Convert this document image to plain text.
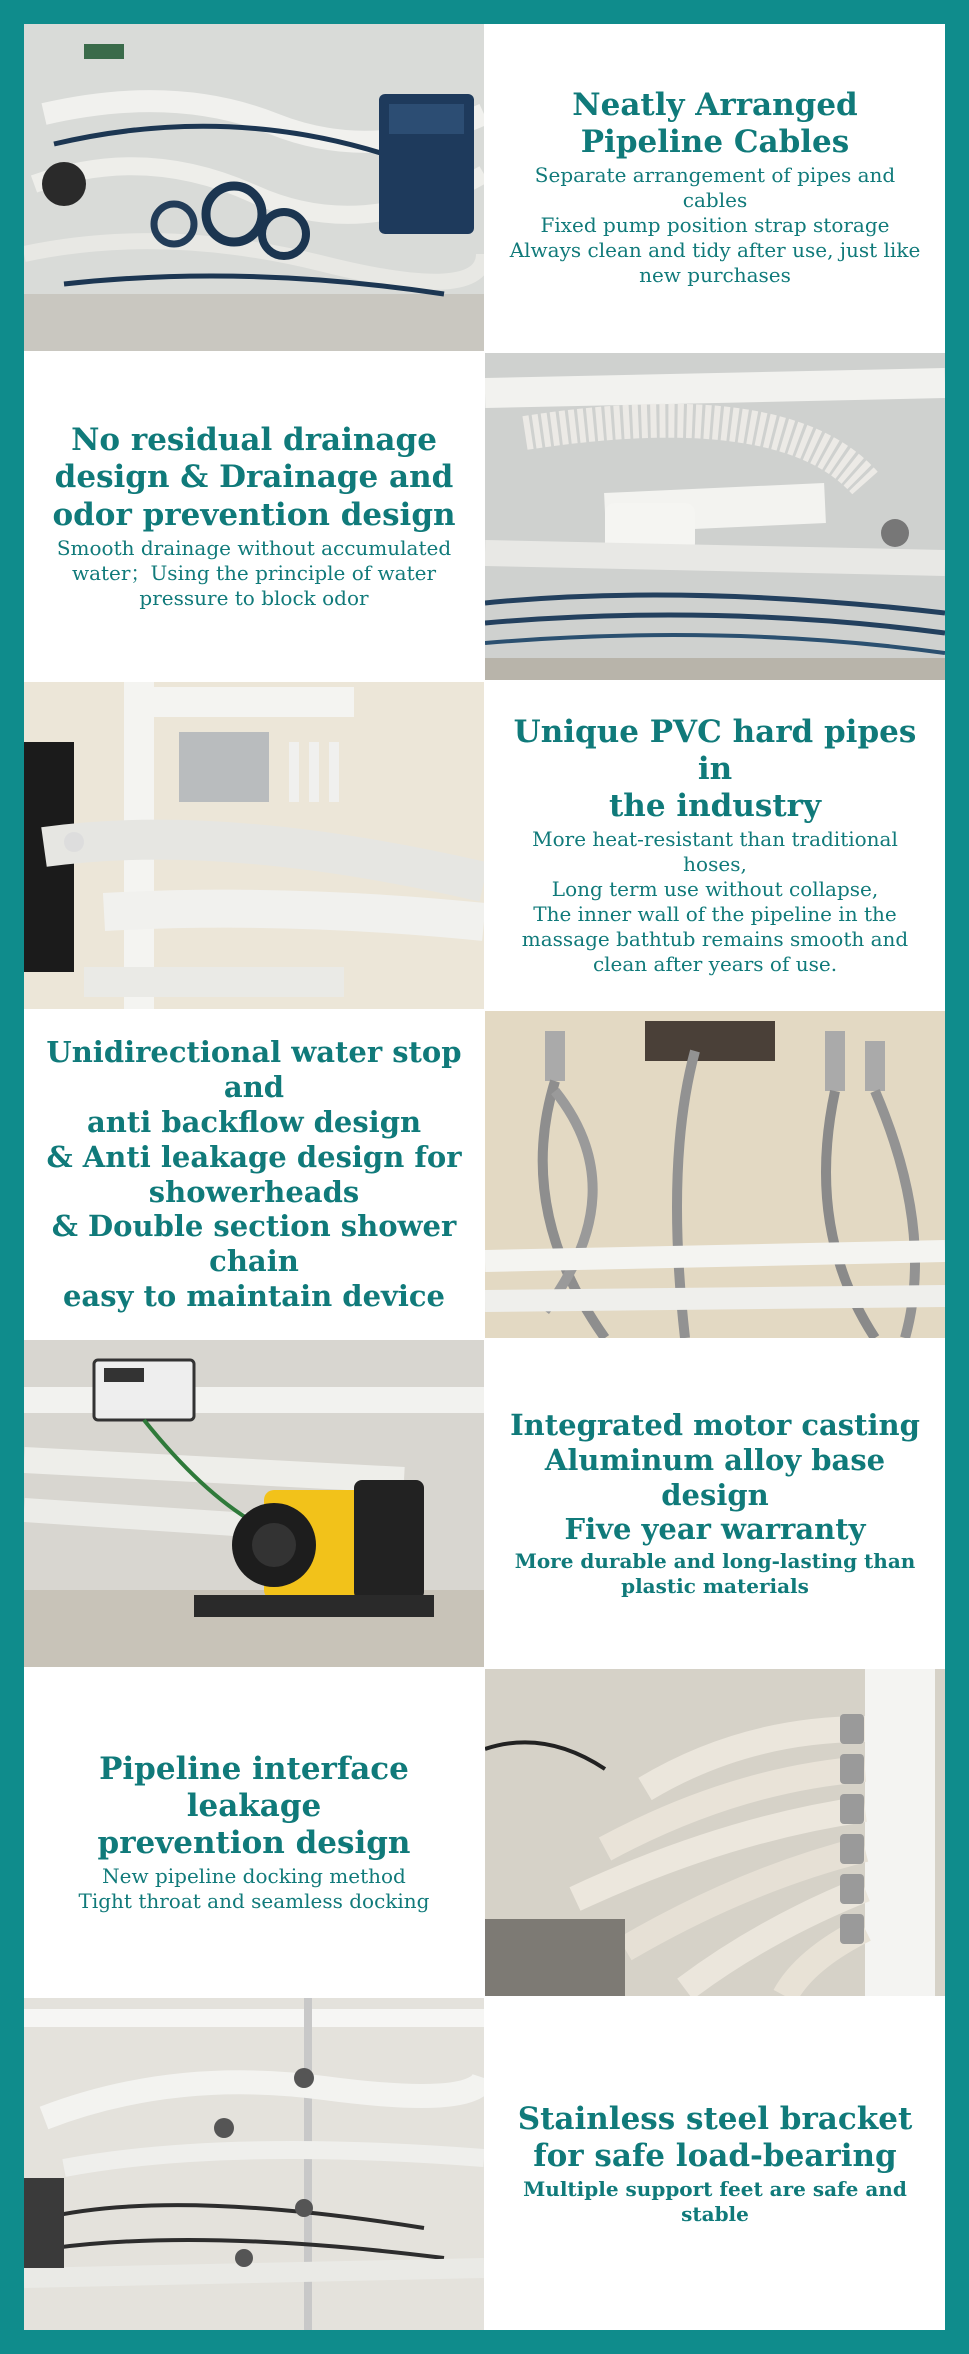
Neatly Arranged
Pipeline Cables

Separate arrangement of pipes and cables
Fixed pump position strap storage
Always clean and tidy after use, just like
new purchases

No residual drainage
design & Drainage and
odor prevention design

Smooth drainage without accumulated
water；Using the principle of water
pressure to block odor

Unique PVC hard pipes in
the industry

More heat-resistant than traditional hoses,
Long term use without collapse,
The inner wall of the pipeline in the
massage bathtub remains smooth and
clean after years of use.

Unidirectional water stop and
anti backflow design
& Anti leakage design for
showerheads
& Double section shower chain
easy to maintain device

Integrated motor casting
Aluminum alloy base design
Five year warranty

More durable and long-lasting than
plastic materials

Pipeline interface leakage
prevention design

New pipeline docking method
Tight throat and seamless docking

Stainless steel bracket
for safe load-bearing

Multiple support feet are safe and stable
